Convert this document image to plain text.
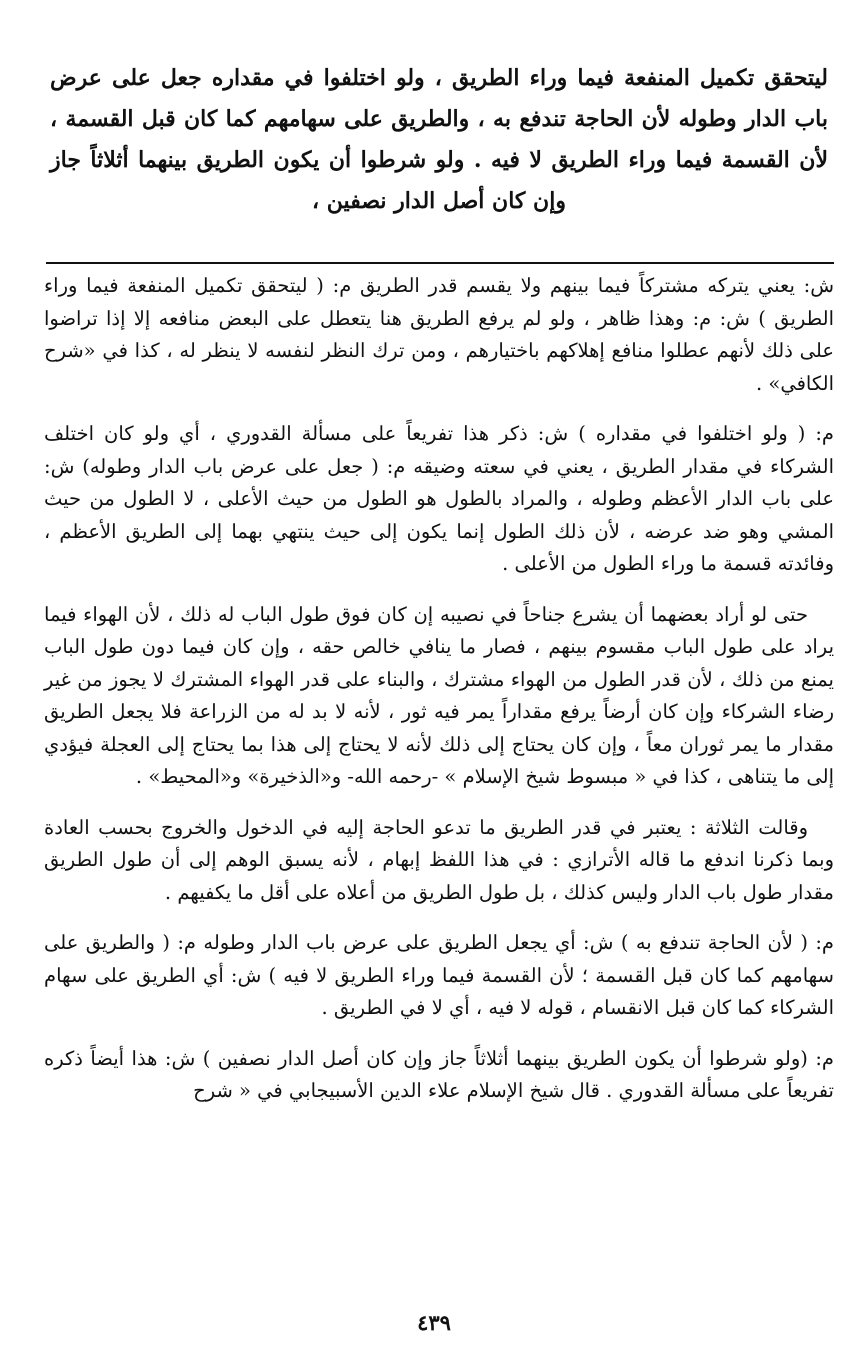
ليتحقق تكميل المنفعة فيما وراء الطريق ، ولو اختلفوا في مقداره جعل على عرض باب الدار وطوله لأن الحاجة تندفع به ، والطريق على سهامهم كما كان قبل القسمة ، لأن القسمة فيما وراء الطريق لا فيه . ولو شرطوا أن يكون الطريق بينهما أثلاثاً جاز وإن كان أصل الدار نصفين ،

ش: يعني يتركه مشتركاً فيما بينهم ولا يقسم قدر الطريق م: ( ليتحقق تكميل المنفعة فيما وراء الطريق ) ش: م: وهذا ظاهر ، ولو لم يرفع الطريق هنا يتعطل على البعض منافعه إلا إذا تراضوا على ذلك لأنهم عطلوا منافع إهلاكهم باختيارهم ، ومن ترك النظر لنفسه لا ينظر له ، كذا في «شرح الكافي» .

م: ( ولو اختلفوا في مقداره ) ش: ذكر هذا تفريعاً على مسألة القدوري ، أي ولو كان اختلف الشركاء في مقدار الطريق ، يعني في سعته وضيقه م: ( جعل على عرض باب الدار وطوله) ش: على باب الدار الأعظم وطوله ، والمراد بالطول هو الطول من حيث الأعلى ، لا الطول من حيث المشي وهو ضد عرضه ، لأن ذلك الطول إنما يكون إلى حيث ينتهي بهما إلى الطريق الأعظم ، وفائدته قسمة ما وراء الطول من الأعلى .

حتى لو أراد بعضهما أن يشرع جناحاً في نصيبه إن كان فوق طول الباب له ذلك ، لأن الهواء فيما يراد على طول الباب مقسوم بينهم ، فصار ما ينافي خالص حقه ، وإن كان فيما دون طول الباب يمنع من ذلك ، لأن قدر الطول من الهواء مشترك ، والبناء على قدر الهواء المشترك لا يجوز من غير رضاء الشركاء وإن كان أرضاً يرفع مقداراً يمر فيه ثور ، لأنه لا بد له من الزراعة فلا يجعل الطريق مقدار ما يمر ثوران معاً ، وإن كان يحتاج إلى ذلك لأنه لا يحتاج إلى هذا بما يحتاج إلى العجلة فيؤدي إلى ما يتناهى ، كذا في « مبسوط شيخ الإسلام » -رحمه الله- و«الذخيرة» و«المحيط» .

وقالت الثلاثة : يعتبر في قدر الطريق ما تدعو الحاجة إليه في الدخول والخروج بحسب العادة وبما ذكرنا اندفع ما قاله الأترازي : في هذا اللفظ إبهام ، لأنه يسبق الوهم إلى أن طول الطريق مقدار طول باب الدار وليس كذلك ، بل طول الطريق من أعلاه على أقل ما يكفيهم .

م: ( لأن الحاجة تندفع به ) ش: أي يجعل الطريق على عرض باب الدار وطوله م: ( والطريق على سهامهم كما كان قبل القسمة ؛ لأن القسمة فيما وراء الطريق لا فيه ) ش: أي الطريق على سهام الشركاء كما كان قبل الانقسام ، قوله لا فيه ، أي لا في الطريق .

م: (ولو شرطوا أن يكون الطريق بينهما أثلاثاً جاز وإن كان أصل الدار نصفين ) ش: هذا أيضاً ذكره تفريعاً على مسألة القدوري . قال شيخ الإسلام علاء الدين الأسبيجابي في « شرح

٤٣٩
